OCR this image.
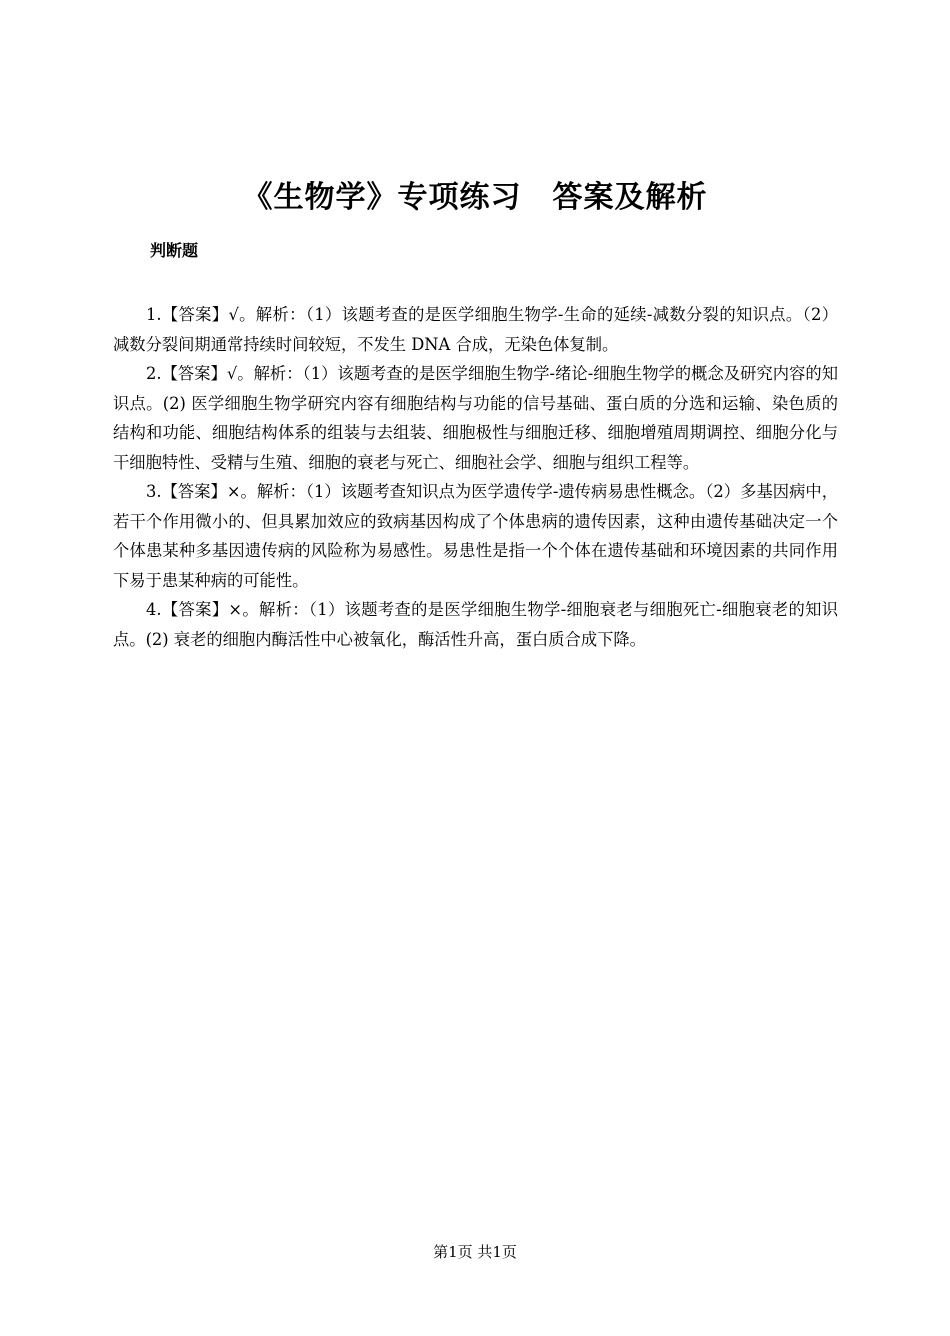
《生物学》专项练习　答案及解析
判断题

1.【答案】√。解析：（1）该题考查的是医学细胞生物学-生命的延续-减数分裂的知识点。（2）减数分裂间期通常持续时间较短，不发生 DNA 合成，无染色体复制。

2.【答案】√。解析：（1）该题考查的是医学细胞生物学-绪论-细胞生物学的概念及研究内容的知识点。(2) 医学细胞生物学研究内容有细胞结构与功能的信号基础、蛋白质的分选和运输、染色质的结构和功能、细胞结构体系的组装与去组装、细胞极性与细胞迁移、细胞增殖周期调控、细胞分化与干细胞特性、受精与生殖、细胞的衰老与死亡、细胞社会学、细胞与组织工程等。

3.【答案】×。解析：（1）该题考查知识点为医学遗传学-遗传病易患性概念。（2）多基因病中，若干个作用微小的、但具累加效应的致病基因构成了个体患病的遗传因素，这种由遗传基础决定一个个体患某种多基因遗传病的风险称为易感性。易患性是指一个个体在遗传基础和环境因素的共同作用下易于患某种病的可能性。

4.【答案】×。解析：（1）该题考查的是医学细胞生物学-细胞衰老与细胞死亡-细胞衰老的知识点。(2) 衰老的细胞内酶活性中心被氧化，酶活性升高，蛋白质合成下降。

第1页 共1页
